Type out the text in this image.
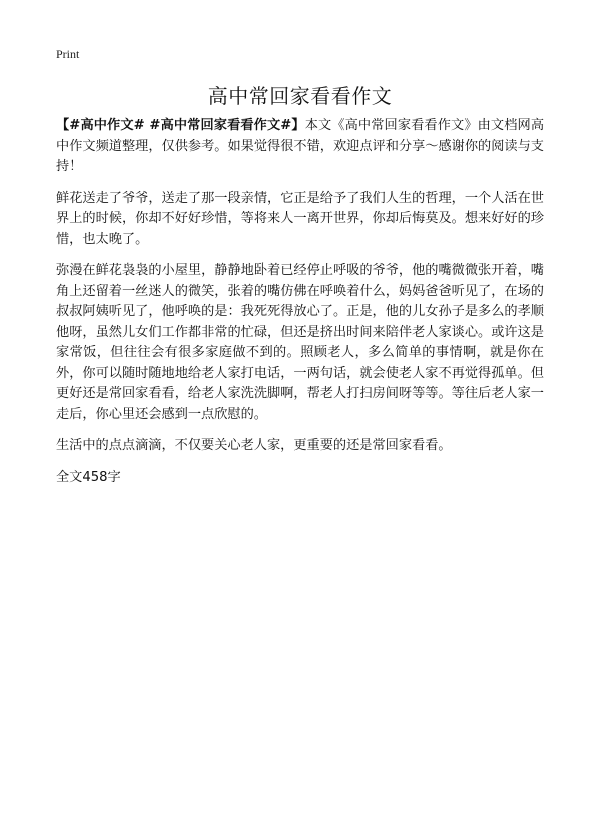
Print
高中常回家看看作文

【#高中作文# #高中常回家看看作文#】本文《高中常回家看看作文》由文档网高中作文频道整理，仅供参考。如果觉得很不错，欢迎点评和分享～感谢你的阅读与支持！

鲜花送走了爷爷，送走了那一段亲情，它正是给予了我们人生的哲理，一个人活在世界上的时候，你却不好好珍惜，等将来人一离开世界，你却后悔莫及。想来好好的珍惜，也太晚了。

弥漫在鲜花袅袅的小屋里，静静地卧着已经停止呼吸的爷爷，他的嘴微微张开着，嘴角上还留着一丝迷人的微笑，张着的嘴仿佛在呼唤着什么，妈妈爸爸听见了，在场的叔叔阿姨听见了，他呼唤的是：我死死得放心了。正是，他的儿女孙子是多么的孝顺他呀，虽然儿女们工作都非常的忙碌，但还是挤出时间来陪伴老人家谈心。或许这是家常饭，但往往会有很多家庭做不到的。照顾老人，多么简单的事情啊，就是你在外，你可以随时随地地给老人家打电话，一两句话，就会使老人家不再觉得孤单。但更好还是常回家看看，给老人家洗洗脚啊，帮老人打扫房间呀等等。等往后老人家一走后，你心里还会感到一点欣慰的。

生活中的点点滴滴，不仅要关心老人家，更重要的还是常回家看看。

全文458字
